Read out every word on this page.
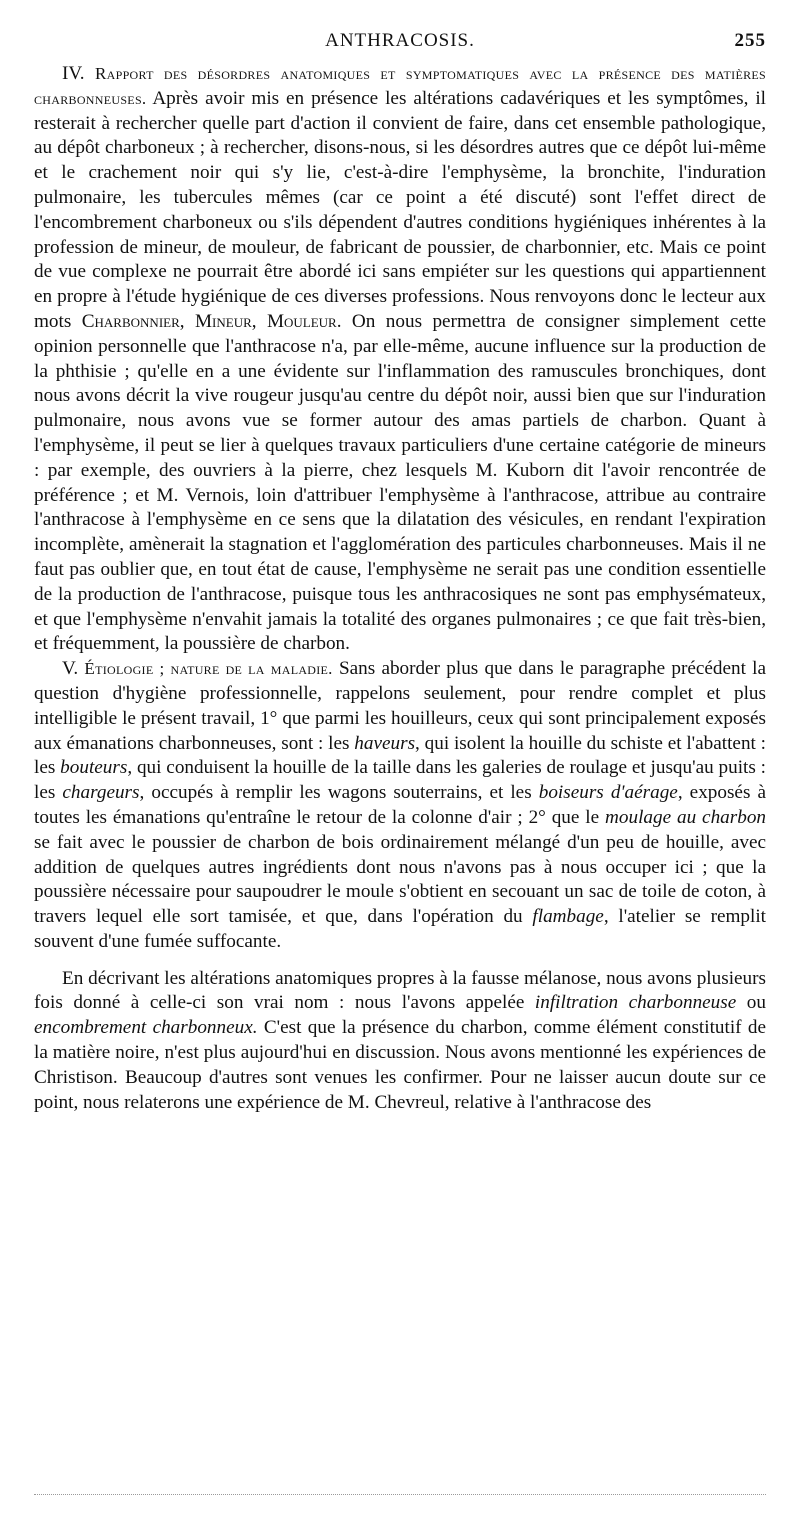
ANTHRACOSIS.	255

IV. Rapport des désordres anatomiques et symptomatiques avec la présence des matières charbonneuses. Après avoir mis en présence les altérations cadavériques et les symptômes, il resterait à rechercher quelle part d'action il convient de faire, dans cet ensemble pathologique, au dépôt charboneux ; à rechercher, disons-nous, si les désordres autres que ce dépôt lui-même et le crachement noir qui s'y lie, c'est-à-dire l'emphysème, la bronchite, l'induration pulmonaire, les tubercules mêmes (car ce point a été discuté) sont l'effet direct de l'encombrement charboneux ou s'ils dépendent d'autres conditions hygiéniques inhérentes à la profession de mineur, de mouleur, de fabricant de poussier, de charbonnier, etc. Mais ce point de vue complexe ne pourrait être abordé ici sans empiéter sur les questions qui appartiennent en propre à l'étude hygiénique de ces diverses professions. Nous renvoyons donc le lecteur aux mots Charbonnier, Mineur, Mouleur. On nous permettra de consigner simplement cette opinion personnelle que l'anthracose n'a, par elle-même, aucune influence sur la production de la phthisie ; qu'elle en a une évidente sur l'inflammation des ramuscules bronchiques, dont nous avons décrit la vive rougeur jusqu'au centre du dépôt noir, aussi bien que sur l'induration pulmonaire, nous avons vue se former autour des amas partiels de charbon. Quant à l'emphysème, il peut se lier à quelques travaux particuliers d'une certaine catégorie de mineurs : par exemple, des ouvriers à la pierre, chez lesquels M. Kuborn dit l'avoir rencontrée de préférence ; et M. Vernois, loin d'attribuer l'emphysème à l'anthracose, attribue au contraire l'anthracose à l'emphysème en ce sens que la dilatation des vésicules, en rendant l'expiration incomplète, amènerait la stagnation et l'agglomération des particules charbonneuses. Mais il ne faut pas oublier que, en tout état de cause, l'emphysème ne serait pas une condition essentielle de la production de l'anthracose, puisque tous les anthracosiques ne sont pas emphysémateux, et que l'emphysème n'envahit jamais la totalité des organes pulmonaires ; ce que fait très-bien, et fréquemment, la poussière de charbon.

V. Étiologie ; nature de la maladie. Sans aborder plus que dans le paragraphe précédent la question d'hygiène professionnelle, rappelons seulement, pour rendre complet et plus intelligible le présent travail, 1° que parmi les houilleurs, ceux qui sont principalement exposés aux émanations charbonneuses, sont : les haveurs, qui isolent la houille du schiste et l'abattent : les bouteurs, qui conduisent la houille de la taille dans les galeries de roulage et jusqu'au puits : les chargeurs, occupés à remplir les wagons souterrains, et les boiseurs d'aérage, exposés à toutes les émanations qu'entraîne le retour de la colonne d'air ; 2° que le moulage au charbon se fait avec le poussier de charbon de bois ordinairement mélangé d'un peu de houille, avec addition de quelques autres ingrédients dont nous n'avons pas à nous occuper ici ; que la poussière nécessaire pour saupoudrer le moule s'obtient en secouant un sac de toile de coton, à travers lequel elle sort tamisée, et que, dans l'opération du flambage, l'atelier se remplit souvent d'une fumée suffocante.

En décrivant les altérations anatomiques propres à la fausse mélanose, nous avons plusieurs fois donné à celle-ci son vrai nom : nous l'avons appelée infiltration charbonneuse ou encombrement charbonneux. C'est que la présence du charbon, comme élément constitutif de la matière noire, n'est plus aujourd'hui en discussion. Nous avons mentionné les expériences de Christison. Beaucoup d'autres sont venues les confirmer. Pour ne laisser aucun doute sur ce point, nous relaterons une expérience de M. Chevreul, relative à l'anthracose des
